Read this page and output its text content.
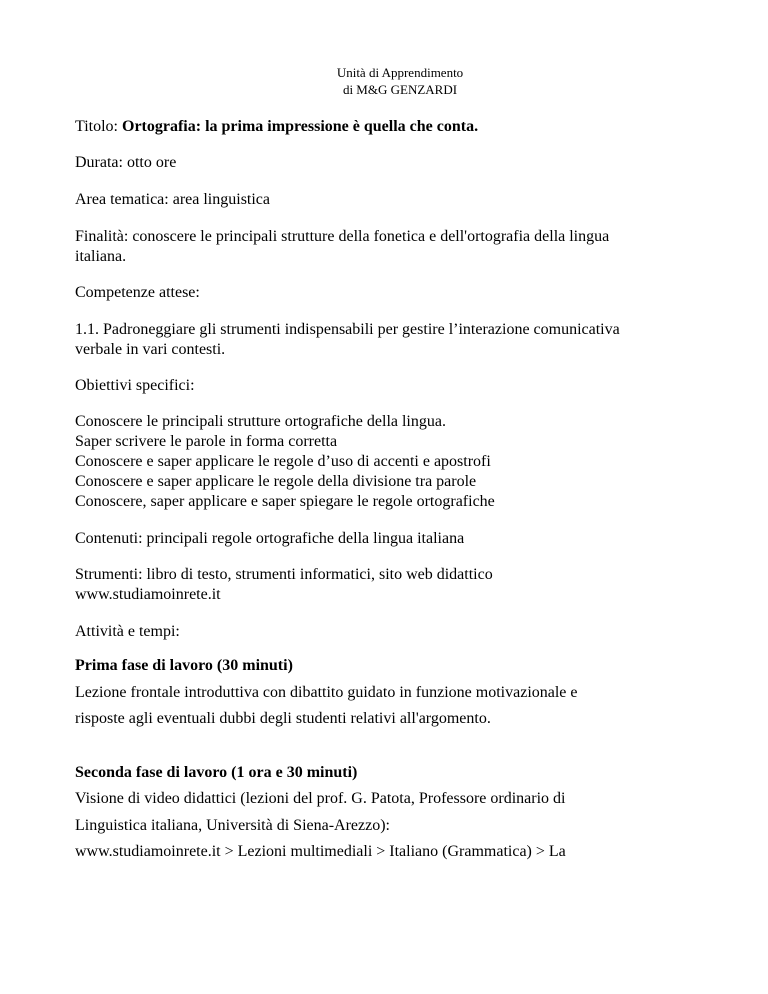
Unità di Apprendimento
di M&G GENZARDI

Titolo: Ortografia: la prima impressione è quella che conta.

Durata: otto ore

Area tematica: area linguistica

Finalità: conoscere le principali strutture della fonetica e dell'ortografia della lingua
italiana.

Competenze attese:

1.1. Padroneggiare gli strumenti indispensabili per gestire l’interazione comunicativa
verbale in vari contesti.

Obiettivi specifici:

Conoscere le principali strutture ortografiche della lingua.
Saper scrivere le parole in forma corretta
Conoscere e saper applicare le regole d’uso di accenti e apostrofi
Conoscere e saper applicare le regole della divisione tra parole
Conoscere, saper applicare e saper spiegare le regole ortografiche

Contenuti: principali regole ortografiche della lingua italiana

Strumenti: libro di testo, strumenti informatici, sito web didattico
www.studiamoinrete.it

Attività e tempi:

Prima fase di lavoro (30 minuti)
Lezione frontale introduttiva con dibattito guidato in funzione motivazionale e
risposte agli eventuali dubbi degli studenti relativi all'argomento.
Seconda fase di lavoro (1 ora e 30 minuti)
Visione di video didattici (lezioni del prof. G. Patota, Professore ordinario di
Linguistica italiana, Università di Siena-Arezzo):
www.studiamoinrete.it > Lezioni multimediali > Italiano (Grammatica) > La
